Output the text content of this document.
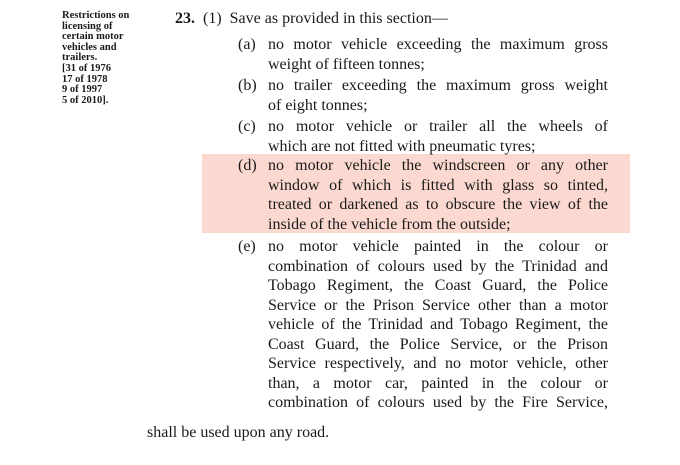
Restrictions on
licensing of
certain motor
vehicles and
trailers.
[31 of 1976
17 of 1978
9 of 1997
5 of 2010].
23. (1) Save as provided in this section—
(a) no motor vehicle exceeding the maximum gross
weight of fifteen tonnes;
(b) no trailer exceeding the maximum gross weight
of eight tonnes;
(c) no motor vehicle or trailer all the wheels of
which are not fitted with pneumatic tyres;
(d) no motor vehicle the windscreen or any other
window of which is fitted with glass so tinted,
treated or darkened as to obscure the view of the
inside of the vehicle from the outside;
(e) no motor vehicle painted in the colour or
combination of colours used by the Trinidad and
Tobago Regiment, the Coast Guard, the Police
Service or the Prison Service other than a motor
vehicle of the Trinidad and Tobago Regiment, the
Coast Guard, the Police Service, or the Prison
Service respectively, and no motor vehicle, other
than, a motor car, painted in the colour or
combination of colours used by the Fire Service,
shall be used upon any road.
